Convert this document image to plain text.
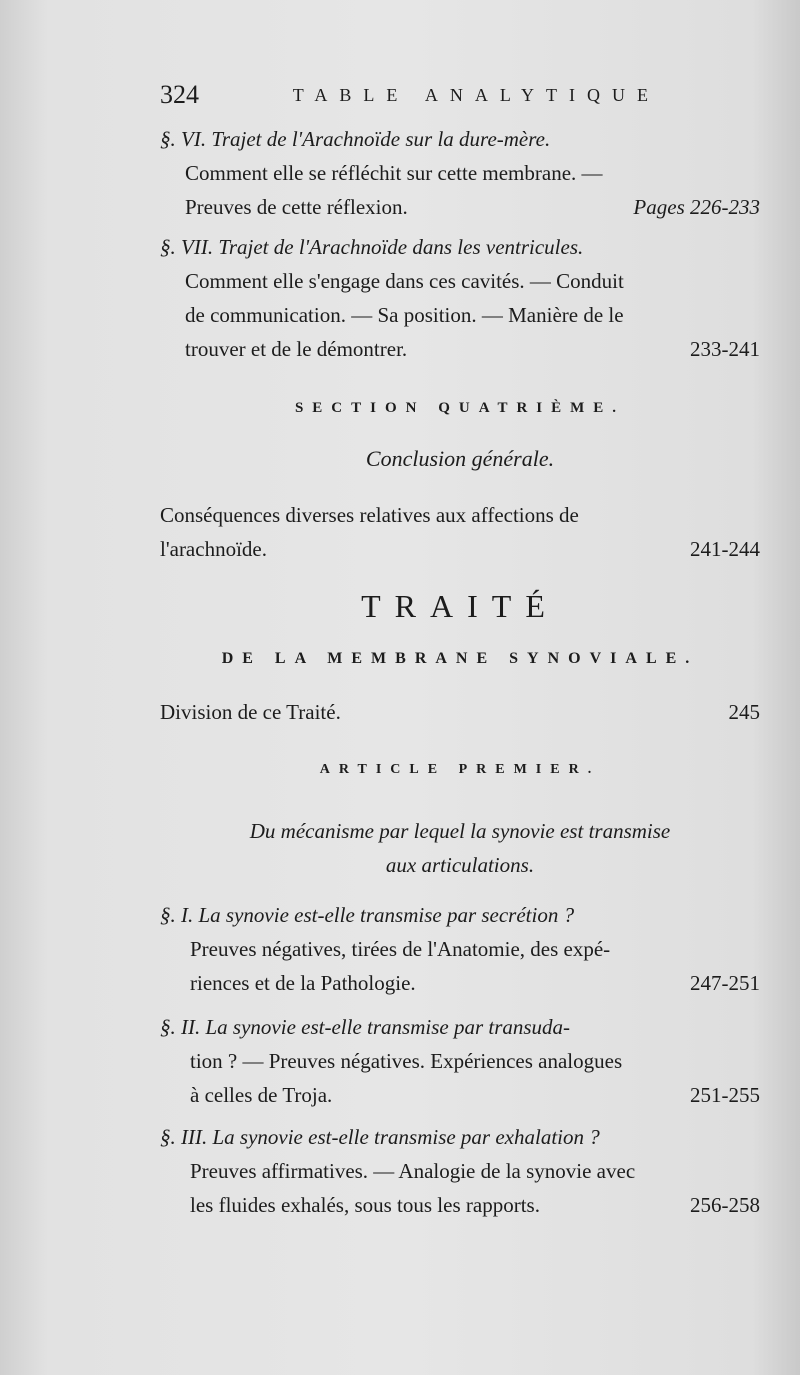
324	TABLE ANALYTIQUE
§. VI. Trajet de l'Arachnoïde sur la dure-mère.
Comment elle se réfléchit sur cette membrane. —
Preuves de cette réflexion.	Pages 226-233
§. VII. Trajet de l'Arachnoïde dans les ventricules.
Comment elle s'engage dans ces cavités. — Conduit
de communication. — Sa position. — Manière de le
trouver et de le démontrer.	233-241
SECTION QUATRIÈME.
Conclusion générale.
Conséquences diverses relatives aux affections de
l'arachnoïde.	241-244
TRAITÉ
DE LA MEMBRANE SYNOVIALE.
Division de ce Traité.	245
ARTICLE PREMIER.
Du mécanisme par lequel la synovie est transmise
aux articulations.
§. I. La synovie est-elle transmise par secrétion ?
Preuves négatives, tirées de l'Anatomie, des expé-
riences et de la Pathologie.	247-251
§. II. La synovie est-elle transmise par transuda-
tion ? — Preuves négatives. Expériences analogues
à celles de Troja.	251-255
§. III. La synovie est-elle transmise par exhalation ?
Preuves affirmatives. — Analogie de la synovie avec
les fluides exhalés, sous tous les rapports.	256-258
